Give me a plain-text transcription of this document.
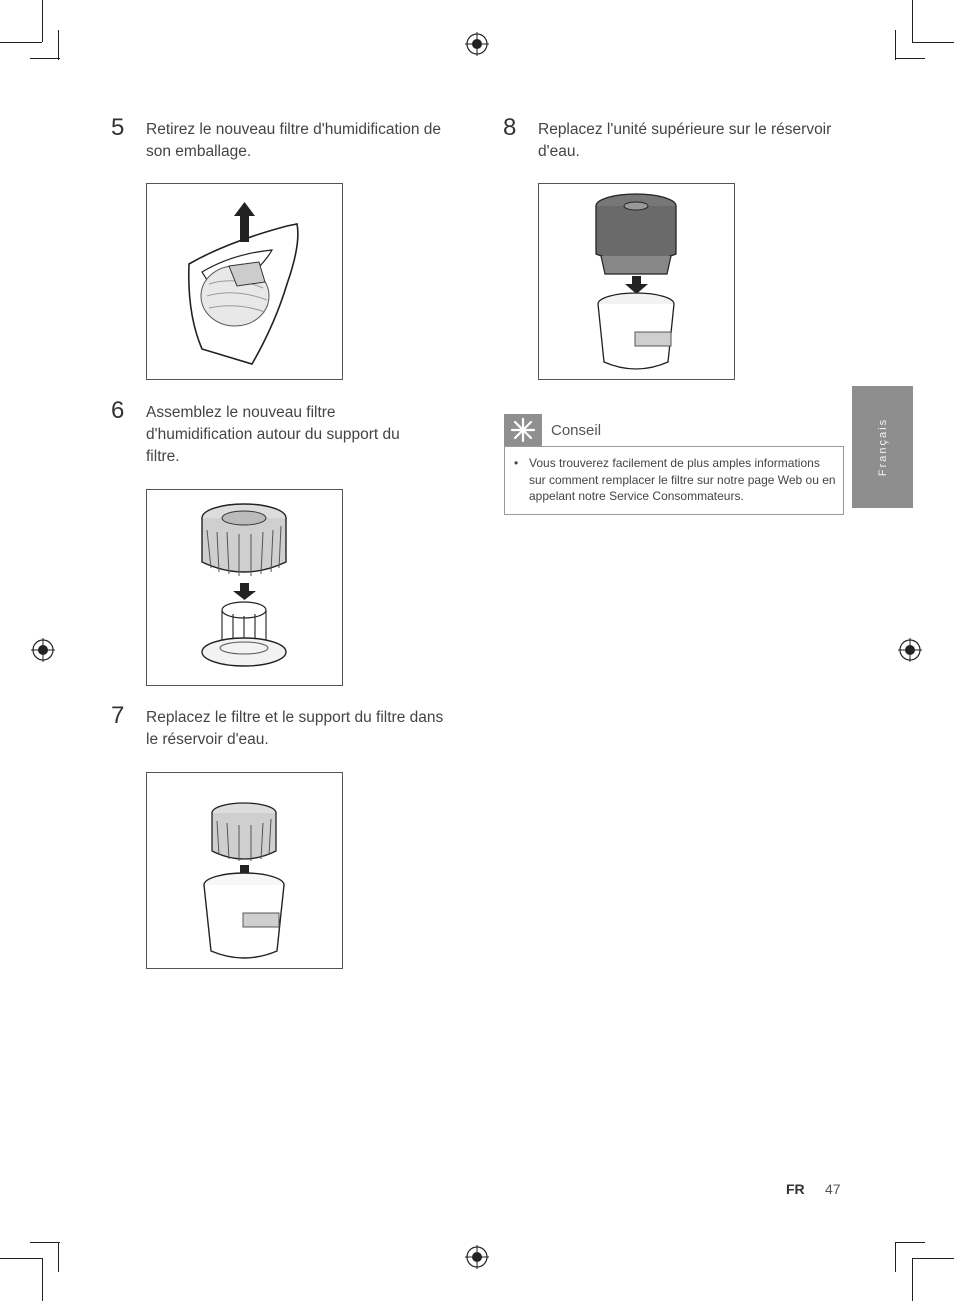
5 Retirez le nouveau filtre d'humidification de son emballage.
6 Assemblez le nouveau filtre d'humidification autour du support du filtre.
7 Replacez le filtre et le support du filtre dans le réservoir d'eau.
8 Replacez l'unité supérieure sur le réservoir d'eau.
Conseil
• Vous trouverez facilement de plus amples informations sur comment remplacer le filtre sur notre page Web ou en appelant notre Service Consommateurs.
Français
FR 47
